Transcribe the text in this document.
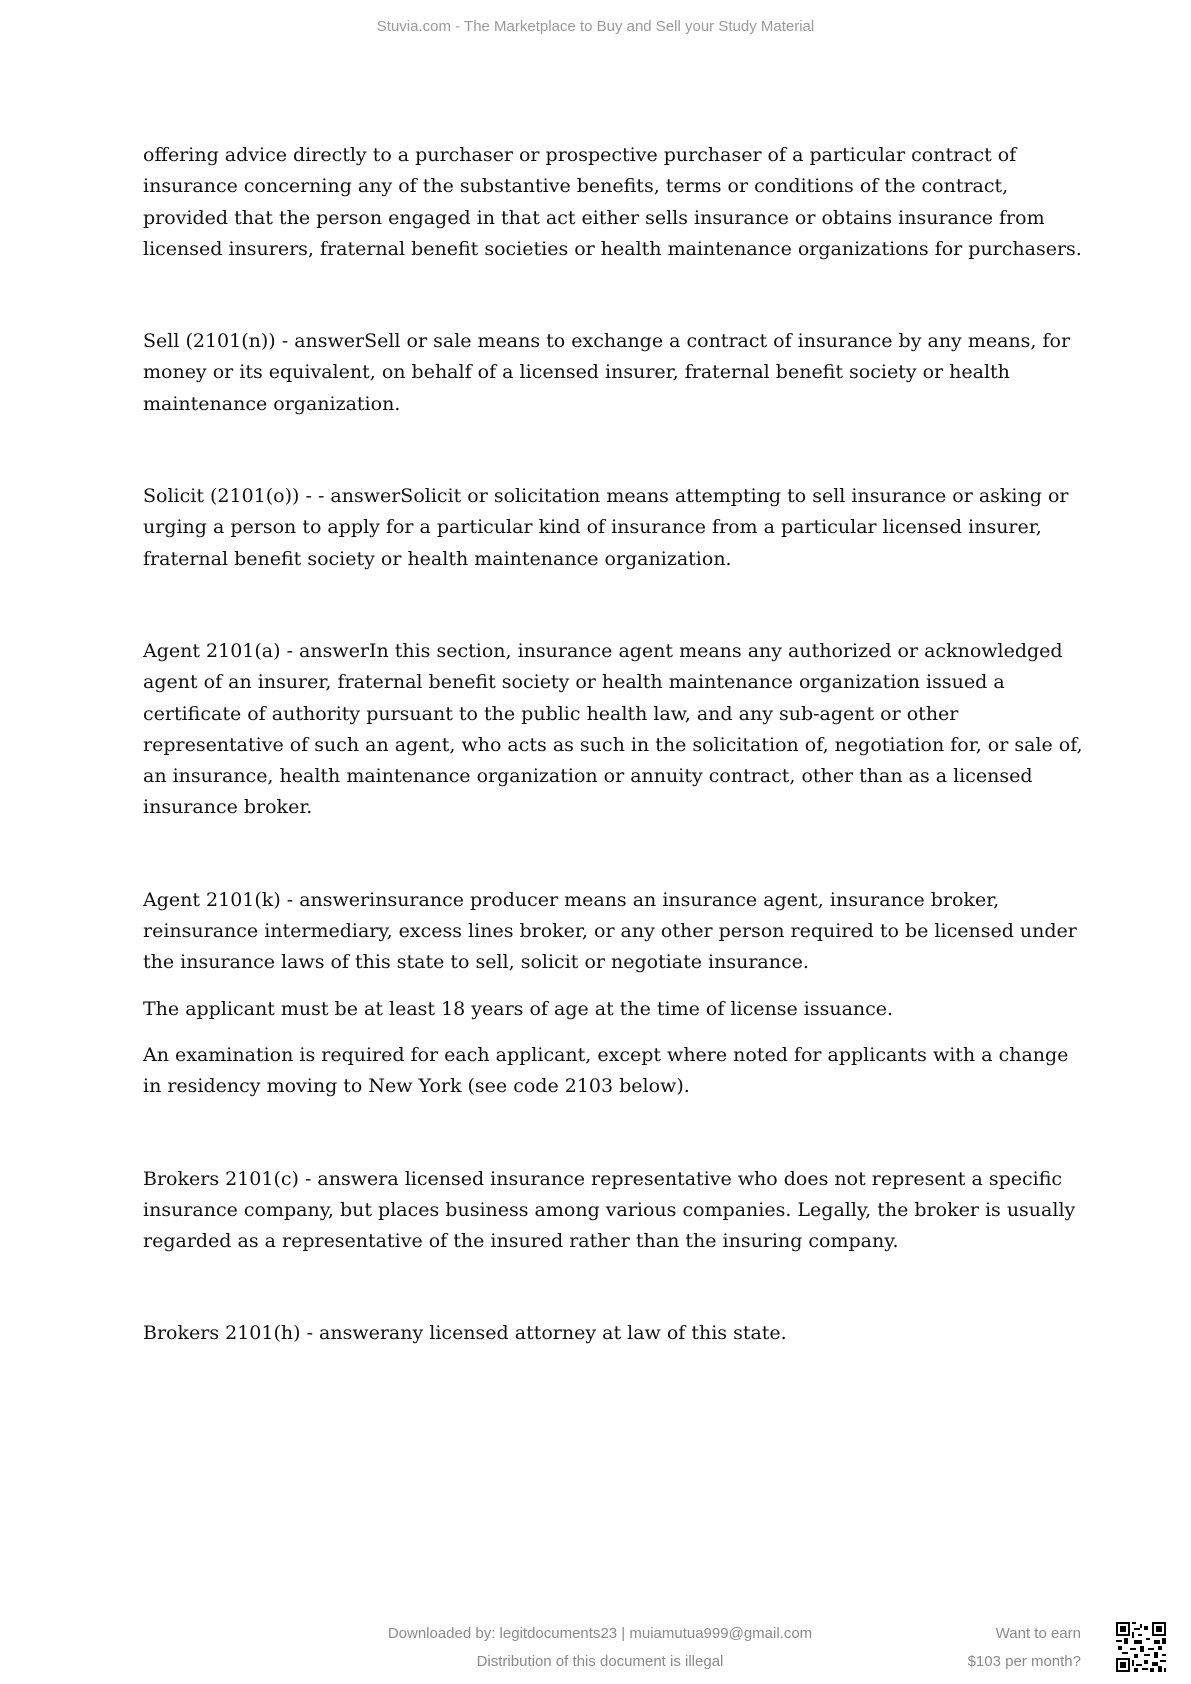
Stuvia.com - The Marketplace to Buy and Sell your Study Material

offering advice directly to a purchaser or prospective purchaser of a particular contract of insurance concerning any of the substantive benefits, terms or conditions of the contract, provided that the person engaged in that act either sells insurance or obtains insurance from licensed insurers, fraternal benefit societies or health maintenance organizations for purchasers.

Sell (2101(n)) - answerSell or sale means to exchange a contract of insurance by any means, for money or its equivalent, on behalf of a licensed insurer, fraternal benefit society or health maintenance organization.

Solicit (2101(o)) - - answerSolicit or solicitation means attempting to sell insurance or asking or urging a person to apply for a particular kind of insurance from a particular licensed insurer, fraternal benefit society or health maintenance organization.

Agent 2101(a) - answerIn this section, insurance agent means any authorized or acknowledged agent of an insurer, fraternal benefit society or health maintenance organization issued a certificate of authority pursuant to the public health law, and any sub-agent or other representative of such an agent, who acts as such in the solicitation of, negotiation for, or sale of, an insurance, health maintenance organization or annuity contract, other than as a licensed insurance broker.

Agent 2101(k) - answerinsurance producer means an insurance agent, insurance broker, reinsurance intermediary, excess lines broker, or any other person required to be licensed under the insurance laws of this state to sell, solicit or negotiate insurance.

The applicant must be at least 18 years of age at the time of license issuance.

An examination is required for each applicant, except where noted for applicants with a change in residency moving to New York (see code 2103 below).

Brokers 2101(c) - answera licensed insurance representative who does not represent a specific insurance company, but places business among various companies. Legally, the broker is usually regarded as a representative of the insured rather than the insuring company.

Brokers 2101(h) - answerany licensed attorney at law of this state.

Downloaded by: legitdocuments23 | muiamutua999@gmail.com
Distribution of this document is illegal
Want to earn
$103 per month?
